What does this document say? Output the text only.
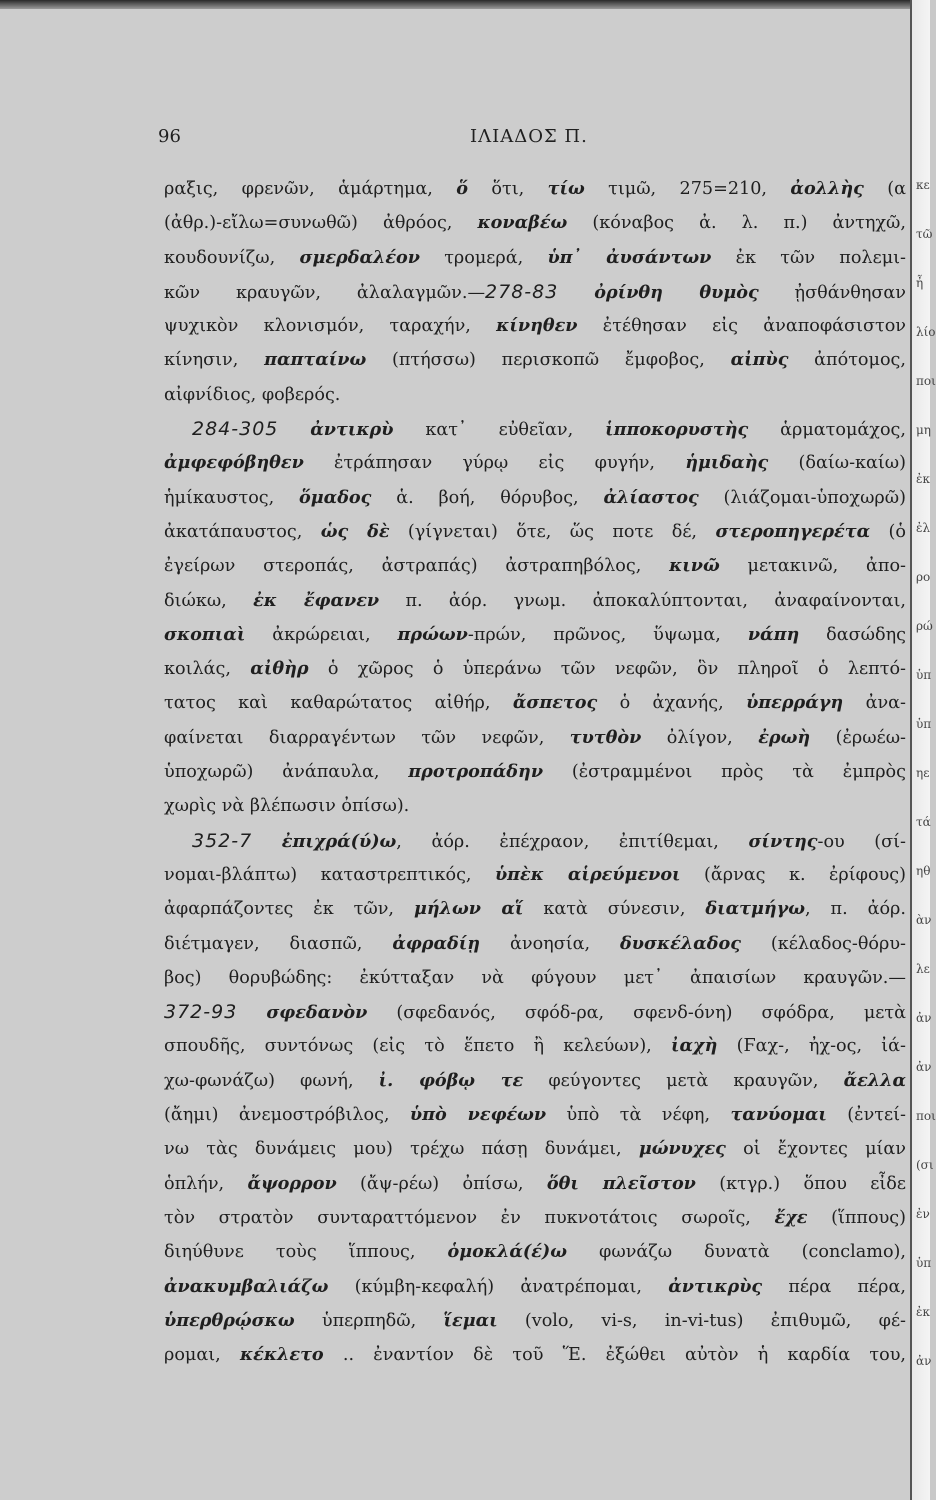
κε
τῶ
ἦ
λίο
ποι
μη
ἐκ
ἐλ
ρο
ρώ
ὑπ
ὑπ
ηε
τά
ηθ
ὰν
λε
ἀν
ἀν
ποι
(σι
ἐν
ὑπ
ἐκ
ἀν
96	ΙΛΙΑΔΟΣ Π.
ραξις, φρενῶν, ἁμάρτημα, ὅ ὅτι, τίω τιμῶ, 275=210, ἀολλὴς (α
(ἀθρ.)-εἴλω=συνωθῶ) ἀθρόος, κοναβέω (κόναβος ἀ. λ. π.) ἀντηχῶ,
κουδουνίζω, σμερδαλέον τρομερά, ὑπ᾽ ἀυσάντων ἐκ τῶν πολεμι-
κῶν κραυγῶν, ἀλαλαγμῶν.—278-83 ὀρίνθη θυμὸς ᾐσθάνθησαν
ψυχικὸν κλονισμόν, ταραχήν, κίνηθεν ἐτέθησαν εἰς ἀναποφάσιστον
κίνησιν, παπταίνω (πτήσσω) περισκοπῶ ἔμφοβος, αἰπὺς ἀπότομος,
αἰφνίδιος, φοβερός.
284-305 ἀντικρὺ κατ᾽ εὐθεῖαν, ἱπποκορυστὴς ἁρματομάχος,
ἀμφεφόβηθεν ἐτράπησαν γύρῳ εἰς φυγήν, ἡμιδαὴς (δαίω-καίω)
ἡμίκαυστος, ὅμαδος ἁ. βοή, θόρυβος, ἀλίαστος (λιάζομαι-ὑποχωρῶ)
ἀκατάπαυστος, ὡς δὲ (γίγνεται) ὅτε, ὥς ποτε δέ, στεροπηγερέτα (ὁ
ἐγείρων στεροπάς, ἀστραπάς) ἀστραπηβόλος, κινῶ μετακινῶ, ἀπο-
διώκω, ἐκ ἔφανεν π. ἀόρ. γνωμ. ἀποκαλύπτονται, ἀναφαίνονται,
σκοπιαὶ ἀκρώρειαι, πρώων-πρών, πρῶνος, ὕψωμα, νάπη δασώδης
κοιλάς, αἰθὴρ ὁ χῶρος ὁ ὑπεράνω τῶν νεφῶν, ὃν πληροῖ ὁ λεπτό-
τατος καὶ καθαρώτατος αἰθήρ, ἄσπετος ὁ ἀχανής, ὑπερράγη ἀνα-
φαίνεται διαρραγέντων τῶν νεφῶν, τυτθὸν ὀλίγον, ἐρωὴ (ἐρωέω-
ὑποχωρῶ) ἀνάπαυλα, προτροπάδην (ἐστραμμένοι πρὸς τὰ ἐμπρὸς
χωρὶς νὰ βλέπωσιν ὀπίσω).
352-7 ἐπιχρά(ύ)ω, ἀόρ. ἐπέχραον, ἐπιτίθεμαι, σίντης-ου (σί-
νομαι-βλάπτω) καταστρεπτικός, ὑπὲκ αἱρεύμενοι (ἄρνας κ. ἐρίφους)
ἀφαρπάζοντες ἐκ τῶν, μήλων αἵ κατὰ σύνεσιν, διατμήγω, π. ἀόρ.
διέτμαγεν, διασπῶ, ἀφραδίῃ ἀνοησία, δυσκέλαδος (κέλαδος-θόρυ-
βος) θορυβώδης: ἐκύτταξαν νὰ φύγουν μετ᾽ ἀπαισίων κραυγῶν.—
372-93 σφεδανὸν (σφεδανός, σφόδ-ρα, σφενδ-όνη) σφόδρα, μετὰ
σπουδῆς, συντόνως (εἰς τὸ ἕπετο ἢ κελεύων), ἰαχὴ (Ϝαχ-, ἠχ-ος, ἰά-
χω-φωνάζω) φωνή, ἰ. φόβῳ τε φεύγοντες μετὰ κραυγῶν, ἄελλα
(ἄημι) ἀνεμοστρόβιλος, ὑπὸ νεφέων ὑπὸ τὰ νέφη, τανύομαι (ἐντεί-
νω τὰς δυνάμεις μου) τρέχω πάσῃ δυνάμει, μώνυχες οἱ ἔχοντες μίαν
ὁπλήν, ἄψορρον (ἄψ-ρέω) ὀπίσω, ὅθι πλεῖστον (κτγρ.) ὅπου εἶδε
τὸν στρατὸν συνταραττόμενον ἐν πυκνοτάτοις σωροῖς, ἔχε (ἵππους)
διηύθυνε τοὺς ἵππους, ὁμοκλά(έ)ω φωνάζω δυνατὰ (conclamo),
ἀνακυμβαλιάζω (κύμβη-κεφαλή) ἀνατρέπομαι, ἀντικρὺς πέρα πέρα,
ὑπερθρῴσκω ὑπερπηδῶ, ἵεμαι (volo, vi-s, in-vi-tus) ἐπιθυμῶ, φέ-
ρομαι, κέκλετο .. ἐναντίον δὲ τοῦ Ἕ. ἐξώθει αὐτὸν ἡ καρδία του,
